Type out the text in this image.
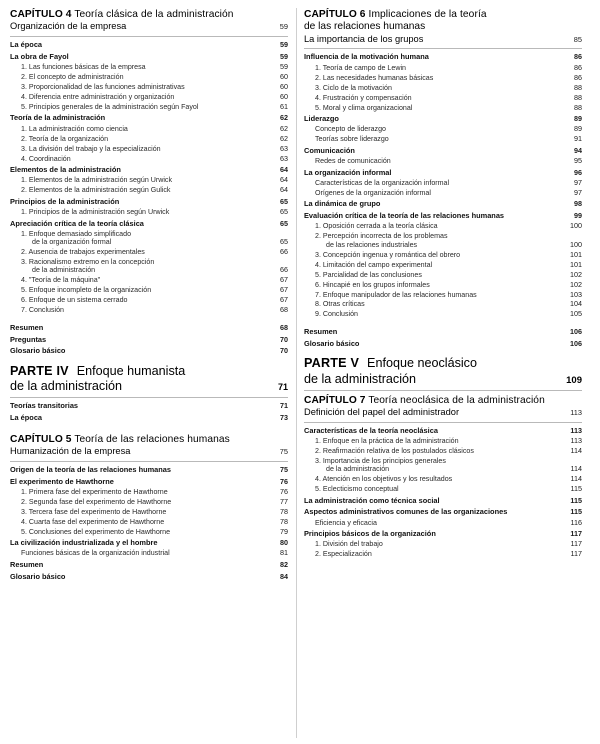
CAPÍTULO 4 Teoría clásica de la administración
Organización de la empresa	59
La época	59
La obra de Fayol	59
1. Las funciones básicas de la empresa	59
2. El concepto de administración	60
3. Proporcionalidad de las funciones administrativas	60
4. Diferencia entre administración y organización	60
5. Principios generales de la administración según Fayol	61
Teoría de la administración	62
1. La administración como ciencia	62
2. Teoría de la organización	62
3. La división del trabajo y la especialización	63
4. Coordinación	63
Elementos de la administración	64
1. Elementos de la administración según Urwick	64
2. Elementos de la administración según Gulick	64
Principios de la administración	65
1. Principios de la administración según Urwick	65
Apreciación crítica de la teoría clásica	65
1. Enfoque demasiado simplificado
de la organización formal	65
2. Ausencia de trabajos experimentales	66
3. Racionalismo extremo en la concepción
de la administración	66
4. "Teoría de la máquina"	67
5. Enfoque incompleto de la organización	67
6. Enfoque de un sistema cerrado	67
7. Conclusión	68
Resumen	68
Preguntas	70
Glosario básico	70
PARTE IV Enfoque humanista
de la administración	71
Teorías transitorias	71
La época	73
CAPÍTULO 5 Teoría de las relaciones humanas
Humanización de la empresa	75
Origen de la teoría de las relaciones humanas	75
El experimento de Hawthorne	76
1. Primera fase del experimento de Hawthorne	76
2. Segunda fase del experimento de Hawthorne	77
3. Tercera fase del experimento de Hawthorne	78
4. Cuarta fase del experimento de Hawthorne	78
5. Conclusiones del experimento de Hawthorne	79
La civilización industrializada y el hombre	80
Funciones básicas de la organización industrial	81
Resumen	82
Glosario básico	84
CAPÍTULO 6 Implicaciones de la teoría
de las relaciones humanas
La importancia de los grupos	85
Influencia de la motivación humana	86
1. Teoría de campo de Lewin	86
2. Las necesidades humanas básicas	86
3. Ciclo de la motivación	88
4. Frustración y compensación	88
5. Moral y clima organizacional	88
Liderazgo	89
Concepto de liderazgo	89
Teorías sobre liderazgo	91
Comunicación	94
Redes de comunicación	95
La organización informal	96
Características de la organización informal	97
Orígenes de la organización informal	97
La dinámica de grupo	98
Evaluación crítica de la teoría de las relaciones humanas	99
1. Oposición cerrada a la teoría clásica	100
2. Percepción incorrecta de los problemas
de las relaciones industriales	100
3. Concepción ingenua y romántica del obrero	101
4. Limitación del campo experimental	101
5. Parcialidad de las conclusiones	102
6. Hincapié en los grupos informales	102
7. Enfoque manipulador de las relaciones humanas	103
8. Otras críticas	104
9. Conclusión	105
Resumen	106
Glosario básico	106
PARTE V Enfoque neoclásico
de la administración	109
CAPÍTULO 7 Teoría neoclásica de la administración
Definición del papel del administrador	113
Características de la teoría neoclásica	113
1. Enfoque en la práctica de la administración	113
2. Reafirmación relativa de los postulados clásicos	114
3. Importancia de los principios generales
de la administración	114
4. Atención en los objetivos y los resultados	114
5. Eclecticismo conceptual	115
La administración como técnica social	115
Aspectos administrativos comunes de las organizaciones	115
Eficiencia y eficacia	116
Principios básicos de la organización	117
1. División del trabajo	117
2. Especialización	117
